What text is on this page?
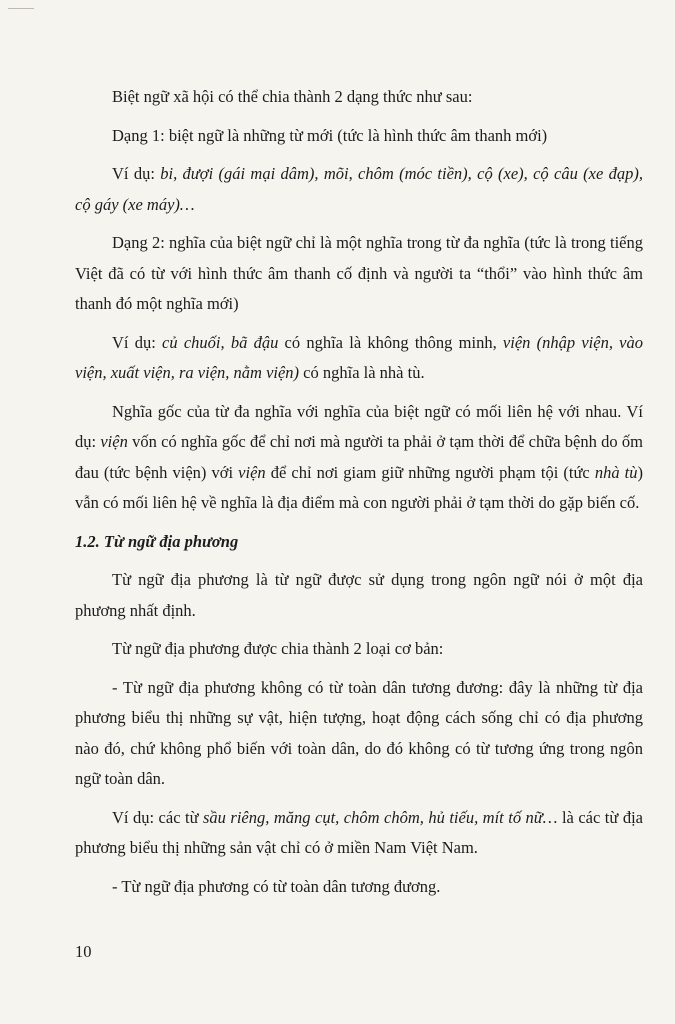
Biệt ngữ xã hội có thể chia thành 2 dạng thức như sau:

Dạng 1: biệt ngữ là những từ mới (tức là hình thức âm thanh mới)

Ví dụ: bi, đượi (gái mại dâm), mõi, chôm (móc tiền), cộ (xe), cộ câu (xe đạp), cộ gáy (xe máy)…

Dạng 2: nghĩa của biệt ngữ chỉ là một nghĩa trong từ đa nghĩa (tức là trong tiếng Việt đã có từ với hình thức âm thanh cố định và người ta “thổi” vào hình thức âm thanh đó một nghĩa mới)

Ví dụ: củ chuối, bã đậu có nghĩa là không thông minh, viện (nhập viện, vào viện, xuất viện, ra viện, nằm viện) có nghĩa là nhà tù.

Nghĩa gốc của từ đa nghĩa với nghĩa của biệt ngữ có mối liên hệ với nhau. Ví dụ: viện vốn có nghĩa gốc để chỉ nơi mà người ta phải ở tạm thời để chữa bệnh do ốm đau (tức bệnh viện) với viện để chỉ nơi giam giữ những người phạm tội (tức nhà tù) vẫn có mối liên hệ về nghĩa là địa điểm mà con người phải ở tạm thời do gặp biến cố.

1.2. Từ ngữ địa phương

Từ ngữ địa phương là từ ngữ được sử dụng trong ngôn ngữ nói ở một địa phương nhất định.

Từ ngữ địa phương được chia thành 2 loại cơ bản:

- Từ ngữ địa phương không có từ toàn dân tương đương: đây là những từ địa phương biểu thị những sự vật, hiện tượng, hoạt động cách sống chỉ có địa phương nào đó, chứ không phổ biến với toàn dân, do đó không có từ tương ứng trong ngôn ngữ toàn dân.

Ví dụ: các từ sầu riêng, măng cụt, chôm chôm, hủ tiếu, mít tố nữ… là các từ địa phương biểu thị những sản vật chỉ có ở miền Nam Việt Nam.

- Từ ngữ địa phương có từ toàn dân tương đương.

10
